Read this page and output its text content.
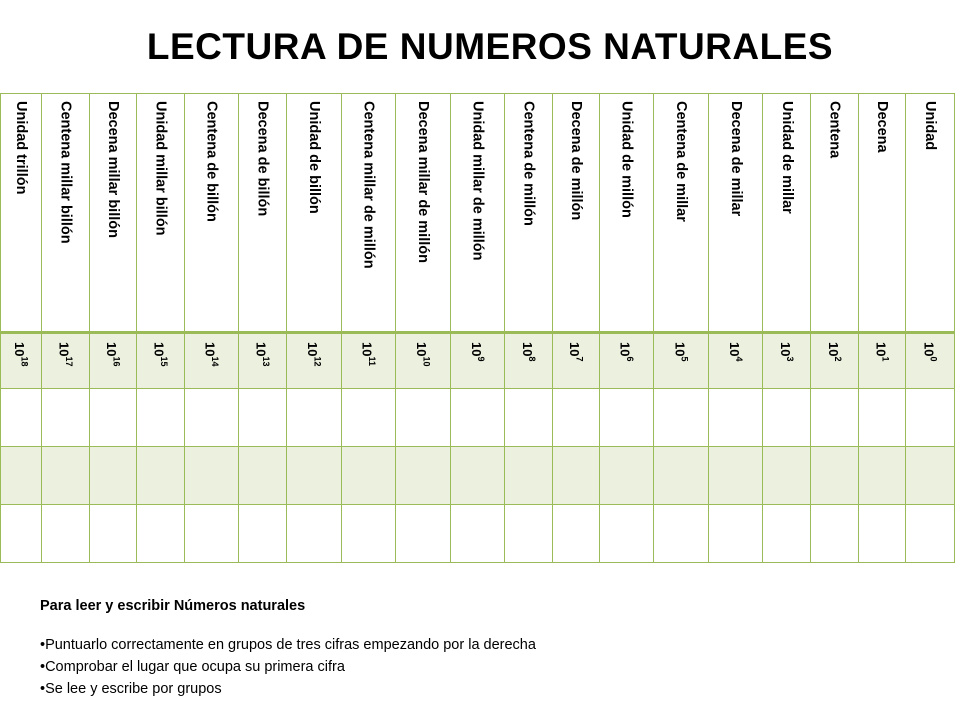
LECTURA DE NUMEROS NATURALES
Unidad trillón	Centena millar billón	Decena millar billón	Unidad millar billón	Centena de billón	Decena de billón	Unidad de billón	Centena millar de millón	Decena millar de millón	Unidad millar de millón	Centena de millón	Decena de millón	Unidad de millón	Centena de millar	Decena de millar	Unidad de millar	Centena	Decena	Unidad

$10^{18}$	$10^{17}$	$10^{16}$	$10^{15}$	$10^{14}$	$10^{13}$	$10^{12}$	$10^{11}$	$10^{10}$	$10^9$	$10^8$	$10^7$	$10^6$	$10^5$	$10^4$	$10^3$	$10^2$	$10^1$	$10^0$

Para leer y escribir Números naturales
•Puntuarlo correctamente en grupos de tres cifras empezando por la derecha
•Comprobar el lugar que ocupa su primera cifra
•Se lee y escribe por grupos
